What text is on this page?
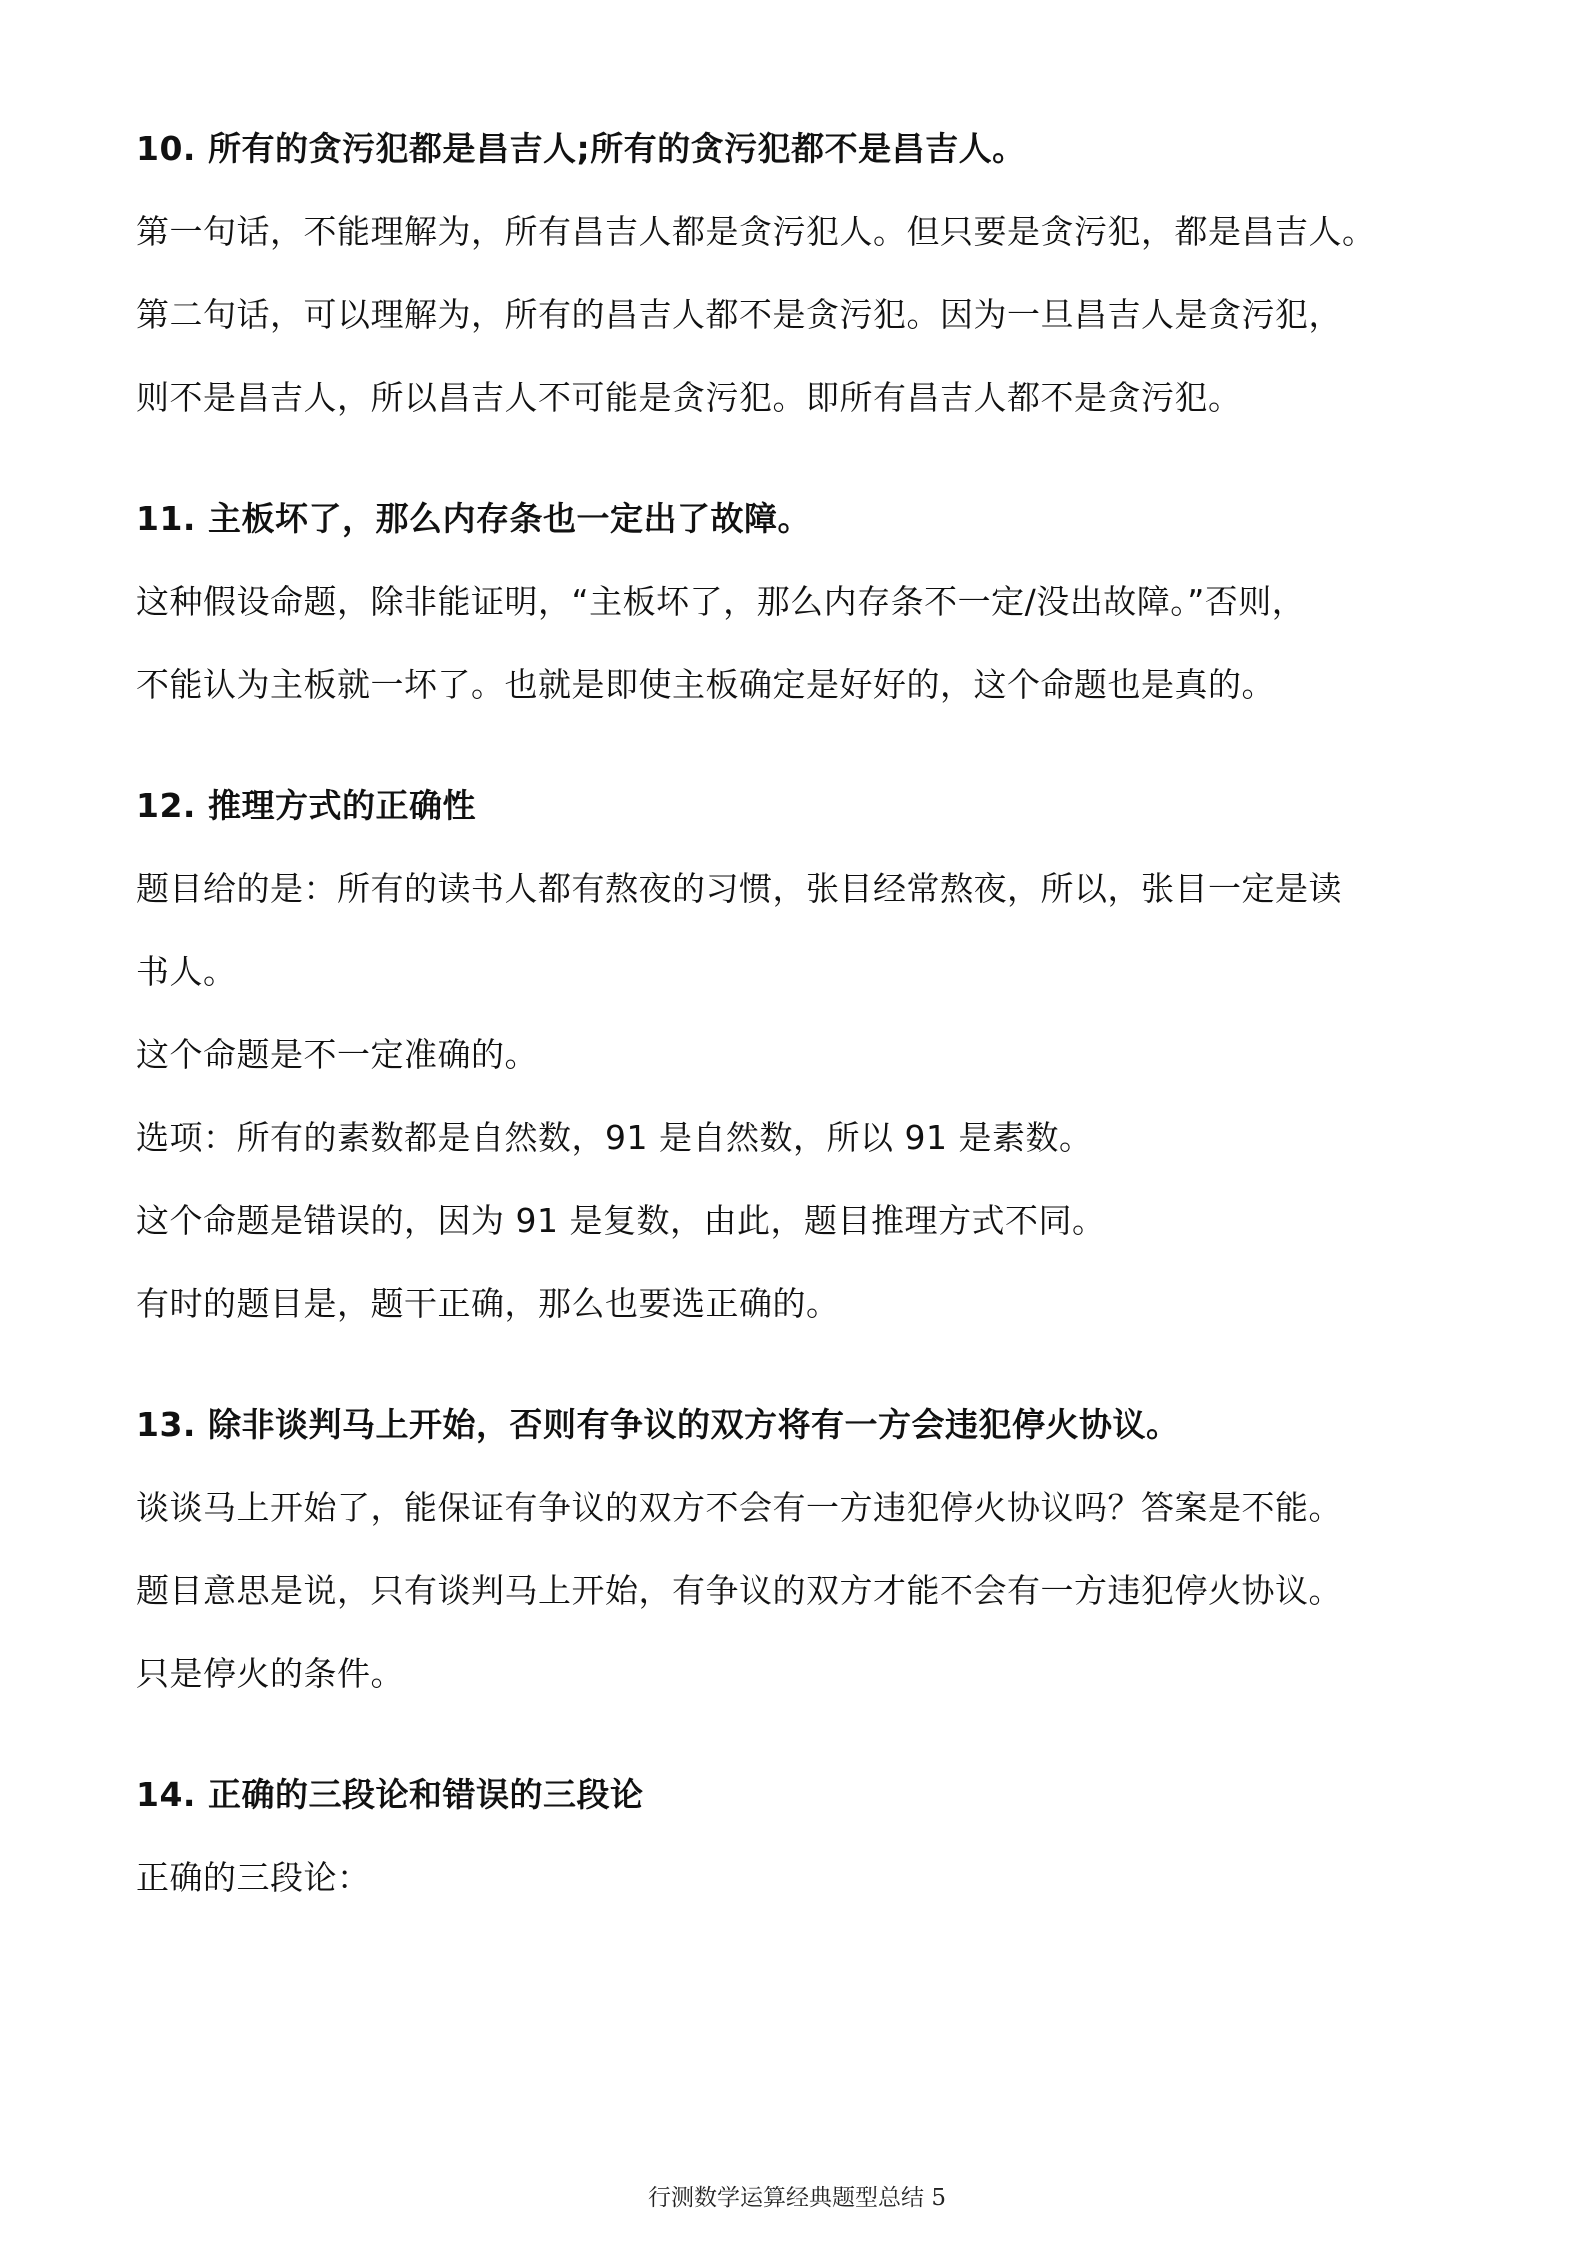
10. 所有的贪污犯都是昌吉人;所有的贪污犯都不是昌吉人。
第一句话，不能理解为，所有昌吉人都是贪污犯人。但只要是贪污犯，都是昌吉人。
第二句话，可以理解为，所有的昌吉人都不是贪污犯。因为一旦昌吉人是贪污犯，
则不是昌吉人，所以昌吉人不可能是贪污犯。即所有昌吉人都不是贪污犯。
11. 主板坏了，那么内存条也一定出了故障。
这种假设命题，除非能证明，“主板坏了，那么内存条不一定/没出故障。”否则，
不能认为主板就一坏了。也就是即使主板确定是好好的，这个命题也是真的。
12. 推理方式的正确性
题目给的是：所有的读书人都有熬夜的习惯，张目经常熬夜，所以，张目一定是读
书人。
这个命题是不一定准确的。
选项：所有的素数都是自然数，91 是自然数，所以 91 是素数。
这个命题是错误的，因为 91 是复数，由此，题目推理方式不同。
有时的题目是，题干正确，那么也要选正确的。
13. 除非谈判马上开始，否则有争议的双方将有一方会违犯停火协议。
谈谈马上开始了，能保证有争议的双方不会有一方违犯停火协议吗？答案是不能。
题目意思是说，只有谈判马上开始，有争议的双方才能不会有一方违犯停火协议。
只是停火的条件。
14. 正确的三段论和错误的三段论
正确的三段论：
行测数学运算经典题型总结 5
